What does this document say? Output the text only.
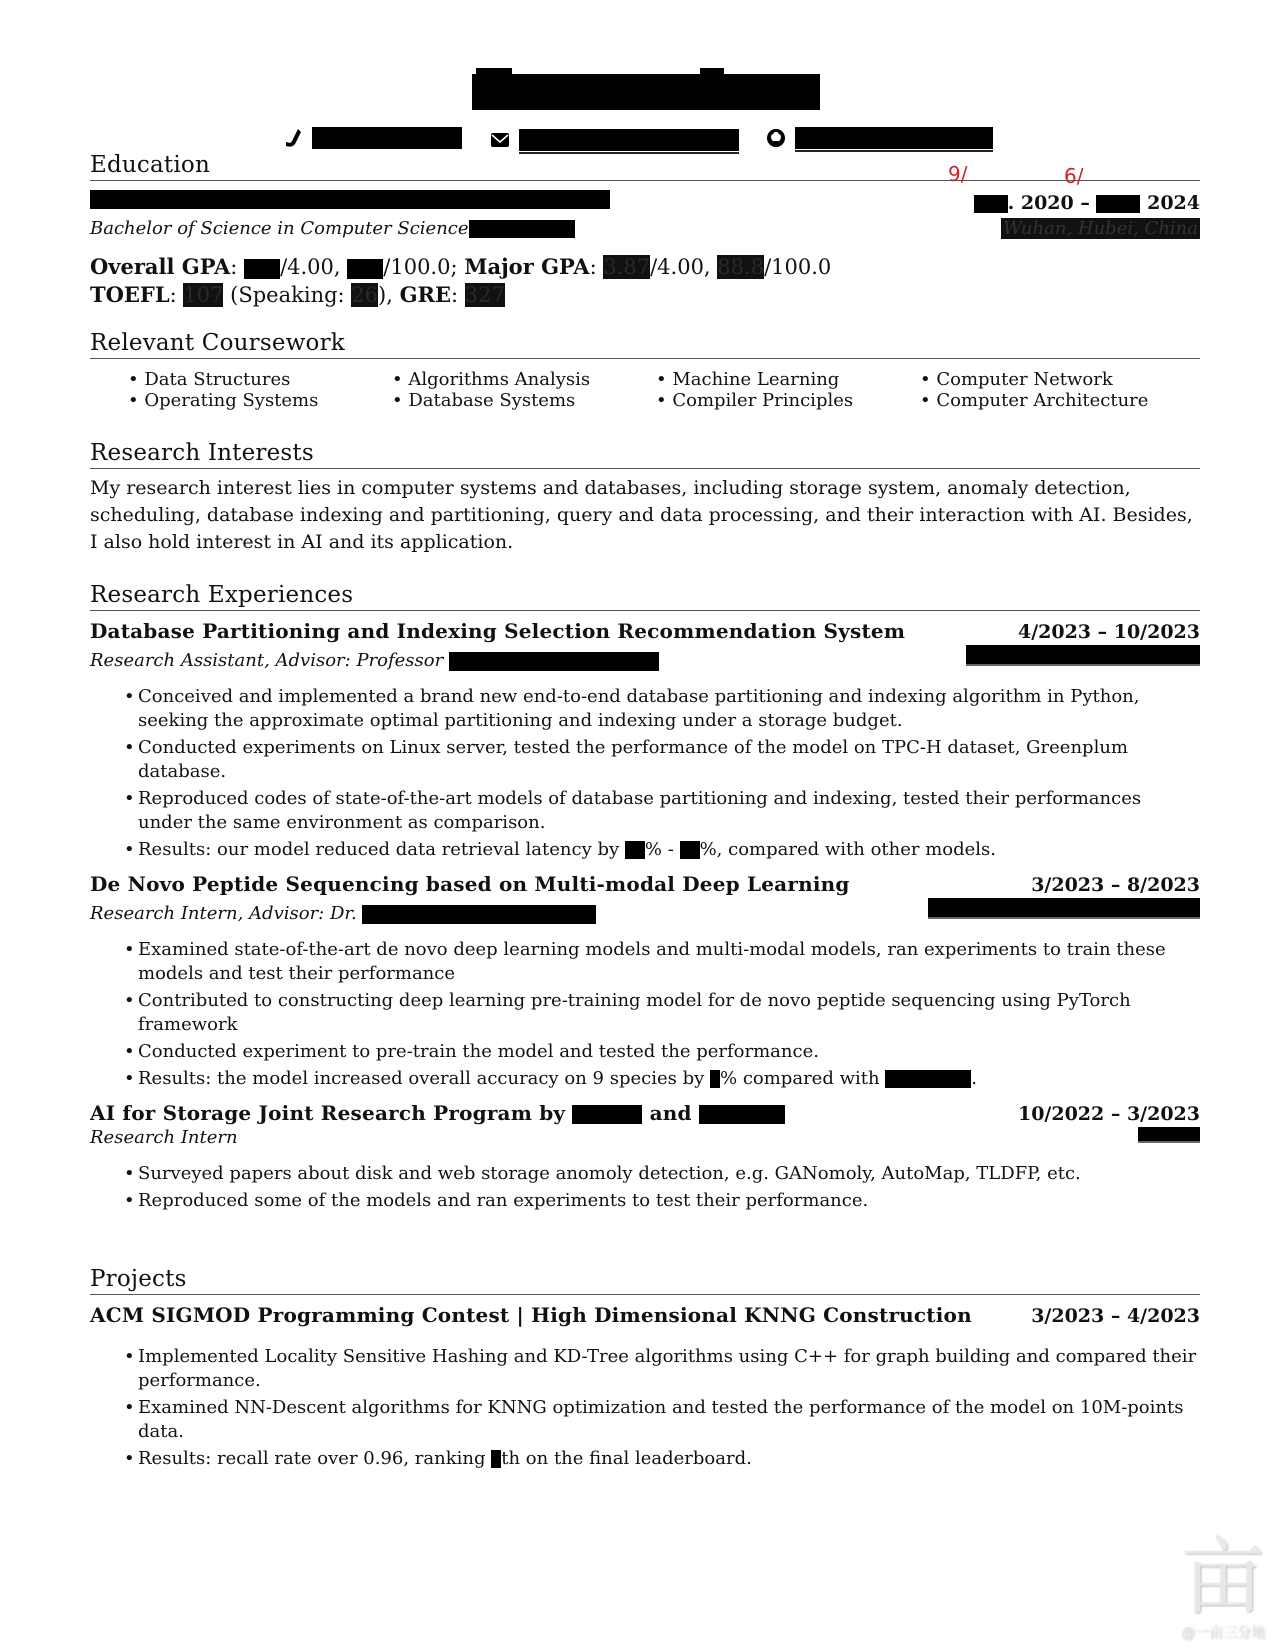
Education	9/	6/
. 2020 –	2024
Bachelor of Science in Computer Science	Wuhan, Hubei, China
Overall GPA: /4.00, /100.0; Major GPA: 3.87/4.00, 88.8/100.0
TOEFL: 107 (Speaking: 26), GRE: 327
Relevant Coursework
• Data Structures	• Algorithms Analysis	• Machine Learning	• Computer Network
• Operating Systems	• Database Systems	• Compiler Principles	• Computer Architecture
Research Interests

My research interest lies in computer systems and databases, including storage system, anomaly detection, scheduling, database indexing and partitioning, query and data processing, and their interaction with AI. Besides, I also hold interest in AI and its application.

Research Experiences
Database Partitioning and Indexing Selection Recommendation System	4/2023 – 10/2023
Research Assistant, Advisor: Professor
• Conceived and implemented a brand new end-to-end database partitioning and indexing algorithm in Python, seeking the approximate optimal partitioning and indexing under a storage budget.
• Conducted experiments on Linux server, tested the performance of the model on TPC-H dataset, Greenplum database.
• Reproduced codes of state-of-the-art models of database partitioning and indexing, tested their performances under the same environment as comparison.
• Results: our model reduced data retrieval latency by % - %, compared with other models.
De Novo Peptide Sequencing based on Multi-modal Deep Learning	3/2023 – 8/2023
Research Intern, Advisor: Dr.
• Examined state-of-the-art de novo deep learning models and multi-modal models, ran experiments to train these models and test their performance
• Contributed to constructing deep learning pre-training model for de novo peptide sequencing using PyTorch framework
• Conducted experiment to pre-train the model and tested the performance.
• Results: the model increased overall accuracy on 9 species by % compared with	.
AI for Storage Joint Research Program by	and	10/2022 – 3/2023
Research Intern
• Surveyed papers about disk and web storage anomoly detection, e.g. GANomoly, AutoMap, TLDFP, etc.
• Reproduced some of the models and ran experiments to test their performance.
Projects
ACM SIGMOD Programming Contest | High Dimensional KNNG Construction	3/2023 – 4/2023
• Implemented Locality Sensitive Hashing and KD-Tree algorithms using C++ for graph building and compared their performance.
• Examined NN-Descent algorithms for KNNG optimization and tested the performance of the model on 10M-points data.
• Results: recall rate over 0.96, ranking th on the final leaderboard.
亩
@一亩三分地
